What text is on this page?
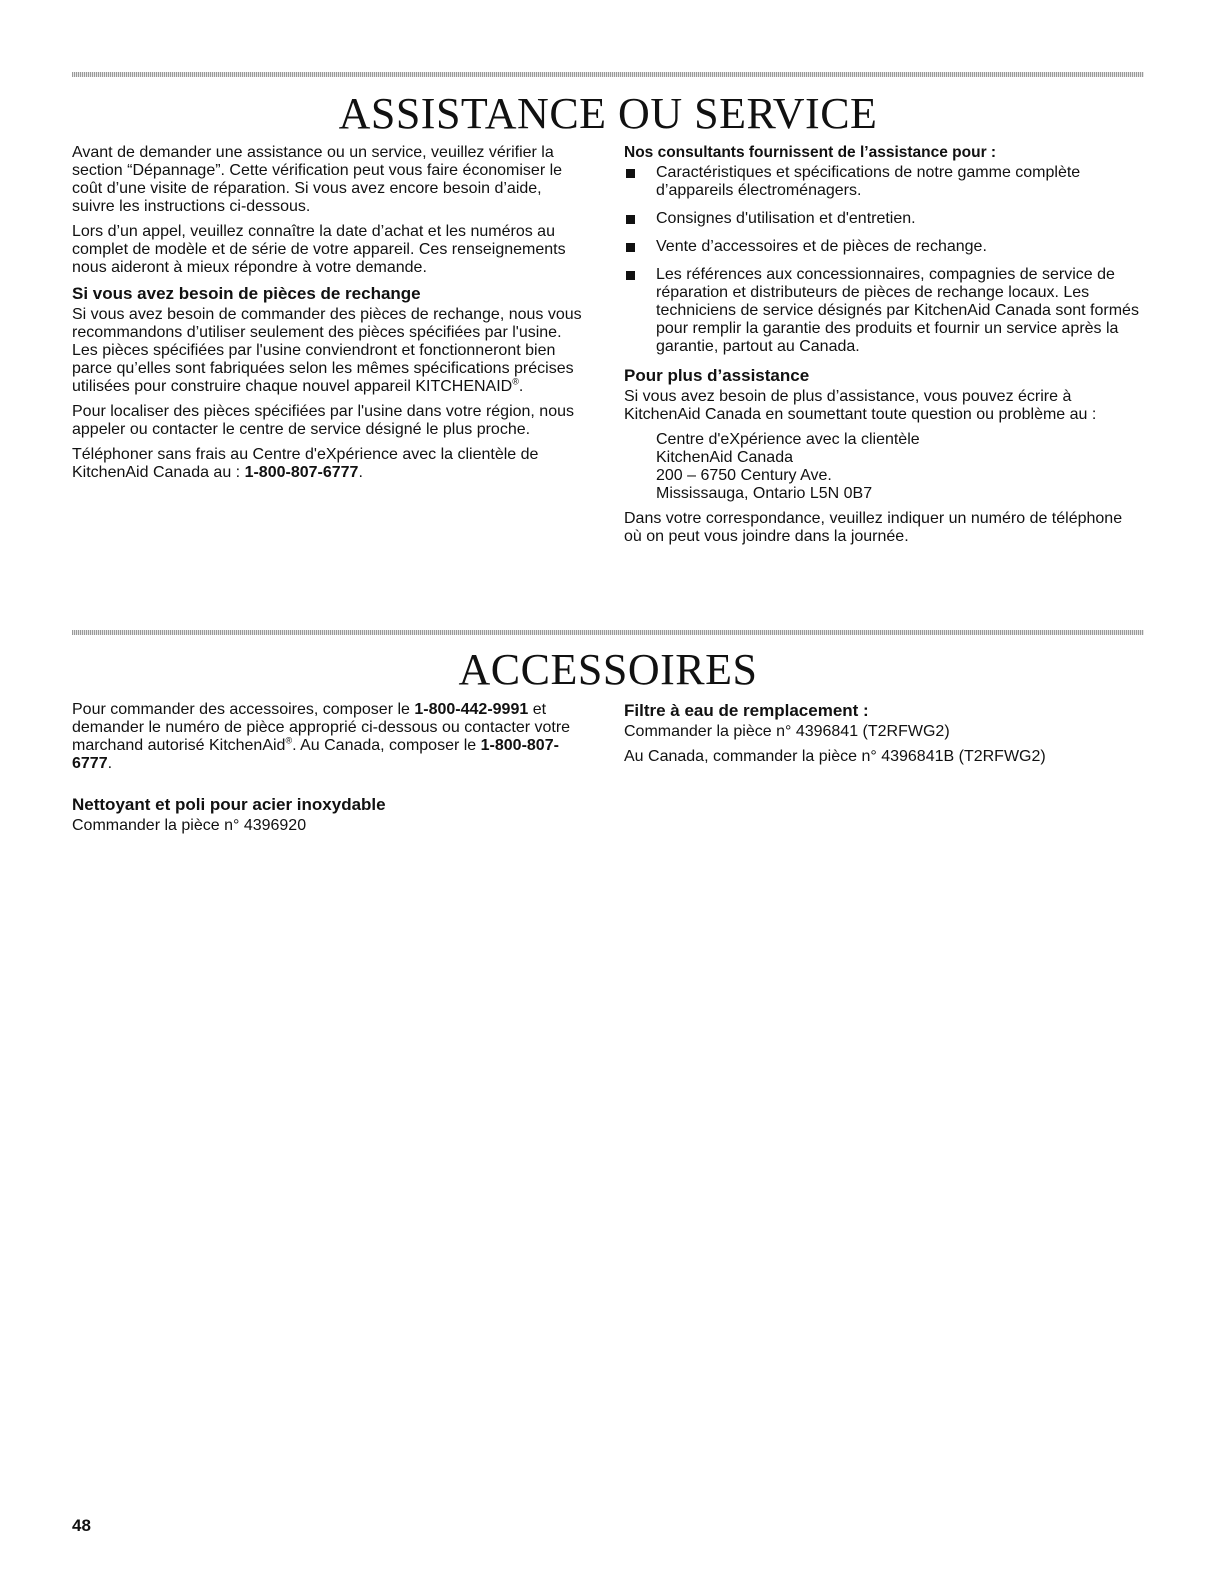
ASSISTANCE OU SERVICE

Avant de demander une assistance ou un service, veuillez vérifier la section “Dépannage”. Cette vérification peut vous faire économiser le coût d’une visite de réparation. Si vous avez encore besoin d’aide, suivre les instructions ci-dessous.

Lors d’un appel, veuillez connaître la date d’achat et les numéros au complet de modèle et de série de votre appareil. Ces renseignements nous aideront à mieux répondre à votre demande.

Si vous avez besoin de pièces de rechange

Si vous avez besoin de commander des pièces de rechange, nous vous recommandons d’utiliser seulement des pièces spécifiées par l'usine. Les pièces spécifiées par l'usine conviendront et fonctionneront bien parce qu’elles sont fabriquées selon les mêmes spécifications précises utilisées pour construire chaque nouvel appareil KITCHENAID®.

Pour localiser des pièces spécifiées par l'usine dans votre région, nous appeler ou contacter le centre de service désigné le plus proche.

Téléphoner sans frais au Centre d'eXpérience avec la clientèle de KitchenAid Canada au : 1-800-807-6777.

Nos consultants fournissent de l’assistance pour :
Caractéristiques et spécifications de notre gamme complète d’appareils électroménagers.
Consignes d'utilisation et d'entretien.
Vente d’accessoires et de pièces de rechange.
Les références aux concessionnaires, compagnies de service de réparation et distributeurs de pièces de rechange locaux. Les techniciens de service désignés par KitchenAid Canada sont formés pour remplir la garantie des produits et fournir un service après la garantie, partout au Canada.
Pour plus d’assistance

Si vous avez besoin de plus d’assistance, vous pouvez écrire à KitchenAid Canada en soumettant toute question ou problème au :

Centre d'eXpérience avec la clientèle
KitchenAid Canada
200 – 6750 Century Ave.
Mississauga, Ontario L5N 0B7

Dans votre correspondance, veuillez indiquer un numéro de téléphone où on peut vous joindre dans la journée.

ACCESSOIRES

Pour commander des accessoires, composer le 1-800-442-9991 et demander le numéro de pièce approprié ci-dessous ou contacter votre marchand autorisé KitchenAid®. Au Canada, composer le 1-800-807-6777.

Nettoyant et poli pour acier inoxydable

Commander la pièce n° 4396920

Filtre à eau de remplacement :

Commander la pièce n° 4396841 (T2RFWG2)

Au Canada, commander la pièce n° 4396841B (T2RFWG2)

48
